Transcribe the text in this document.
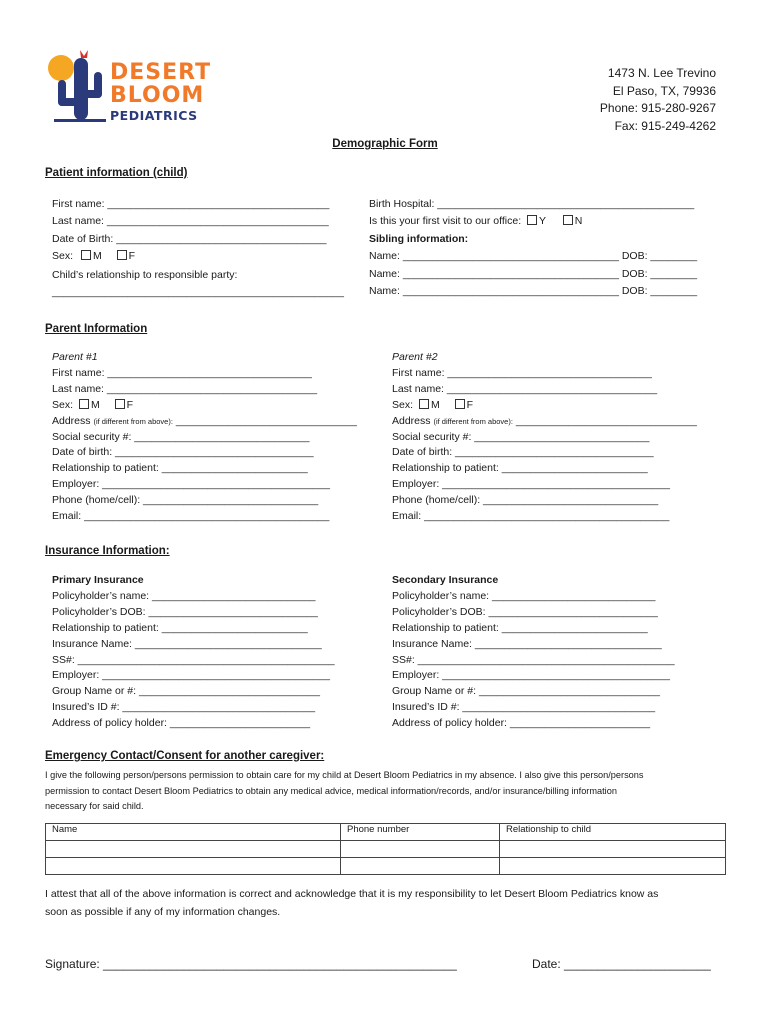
DESERT
BLOOM
PEDIATRICS
1473 N. Lee Trevino
El Paso, TX, 79936
Phone: 915-280-9267
Fax: 915-249-4262
Demographic Form
Patient information (child)
First name: ______________________________________
Last name: ______________________________________
Date of Birth: ____________________________________
Sex: M	F
Child’s relationship to responsible party:
__________________________________________________
Birth Hospital: ____________________________________________
Is this your first visit to our office: Y	N
Sibling information:
Name: _____________________________________ DOB: ________
Name: _____________________________________ DOB: ________
Name: _____________________________________ DOB: ________
Parent Information
Parent #1
First name: ___________________________________
Last name: ____________________________________
Sex: M	F
Address (if different from above): _______________________________
Social security #: ______________________________
Date of birth: __________________________________
Relationship to patient: _________________________
Employer: _______________________________________
Phone (home/cell): ______________________________
Email: __________________________________________
Parent #2
First name: ___________________________________
Last name: ____________________________________
Sex: M	F
Address (if different from above): _______________________________
Social security #: ______________________________
Date of birth: __________________________________
Relationship to patient: _________________________
Employer: _______________________________________
Phone (home/cell): ______________________________
Email: __________________________________________
Insurance Information:
Primary Insurance
Policyholder’s name: ____________________________
Policyholder’s DOB: _____________________________
Relationship to patient: _________________________
Insurance Name: ________________________________
SS#: ____________________________________________
Employer: _______________________________________
Group Name or #: _______________________________
Insured’s ID #: _________________________________
Address of policy holder: ________________________
Secondary Insurance
Policyholder’s name: ____________________________
Policyholder’s DOB: _____________________________
Relationship to patient: _________________________
Insurance Name: ________________________________
SS#: ____________________________________________
Employer: _______________________________________
Group Name or #: _______________________________
Insured’s ID #: _________________________________
Address of policy holder: ________________________
Emergency Contact/Consent for another caregiver:
I give the following person/persons permission to obtain care for my child at Desert Bloom Pediatrics in my absence. I also give this person/persons
permission to contact Desert Bloom Pediatrics to obtain any medical advice, medical information/records, and/or insurance/billing information
necessary for said child.
Name	Phone number	Relationship to child

I attest that all of the above information is correct and acknowledge that it is my responsibility to let Desert Bloom Pediatrics know as
soon as possible if any of my information changes.
Signature: _____________________________________________________	Date: ______________________
